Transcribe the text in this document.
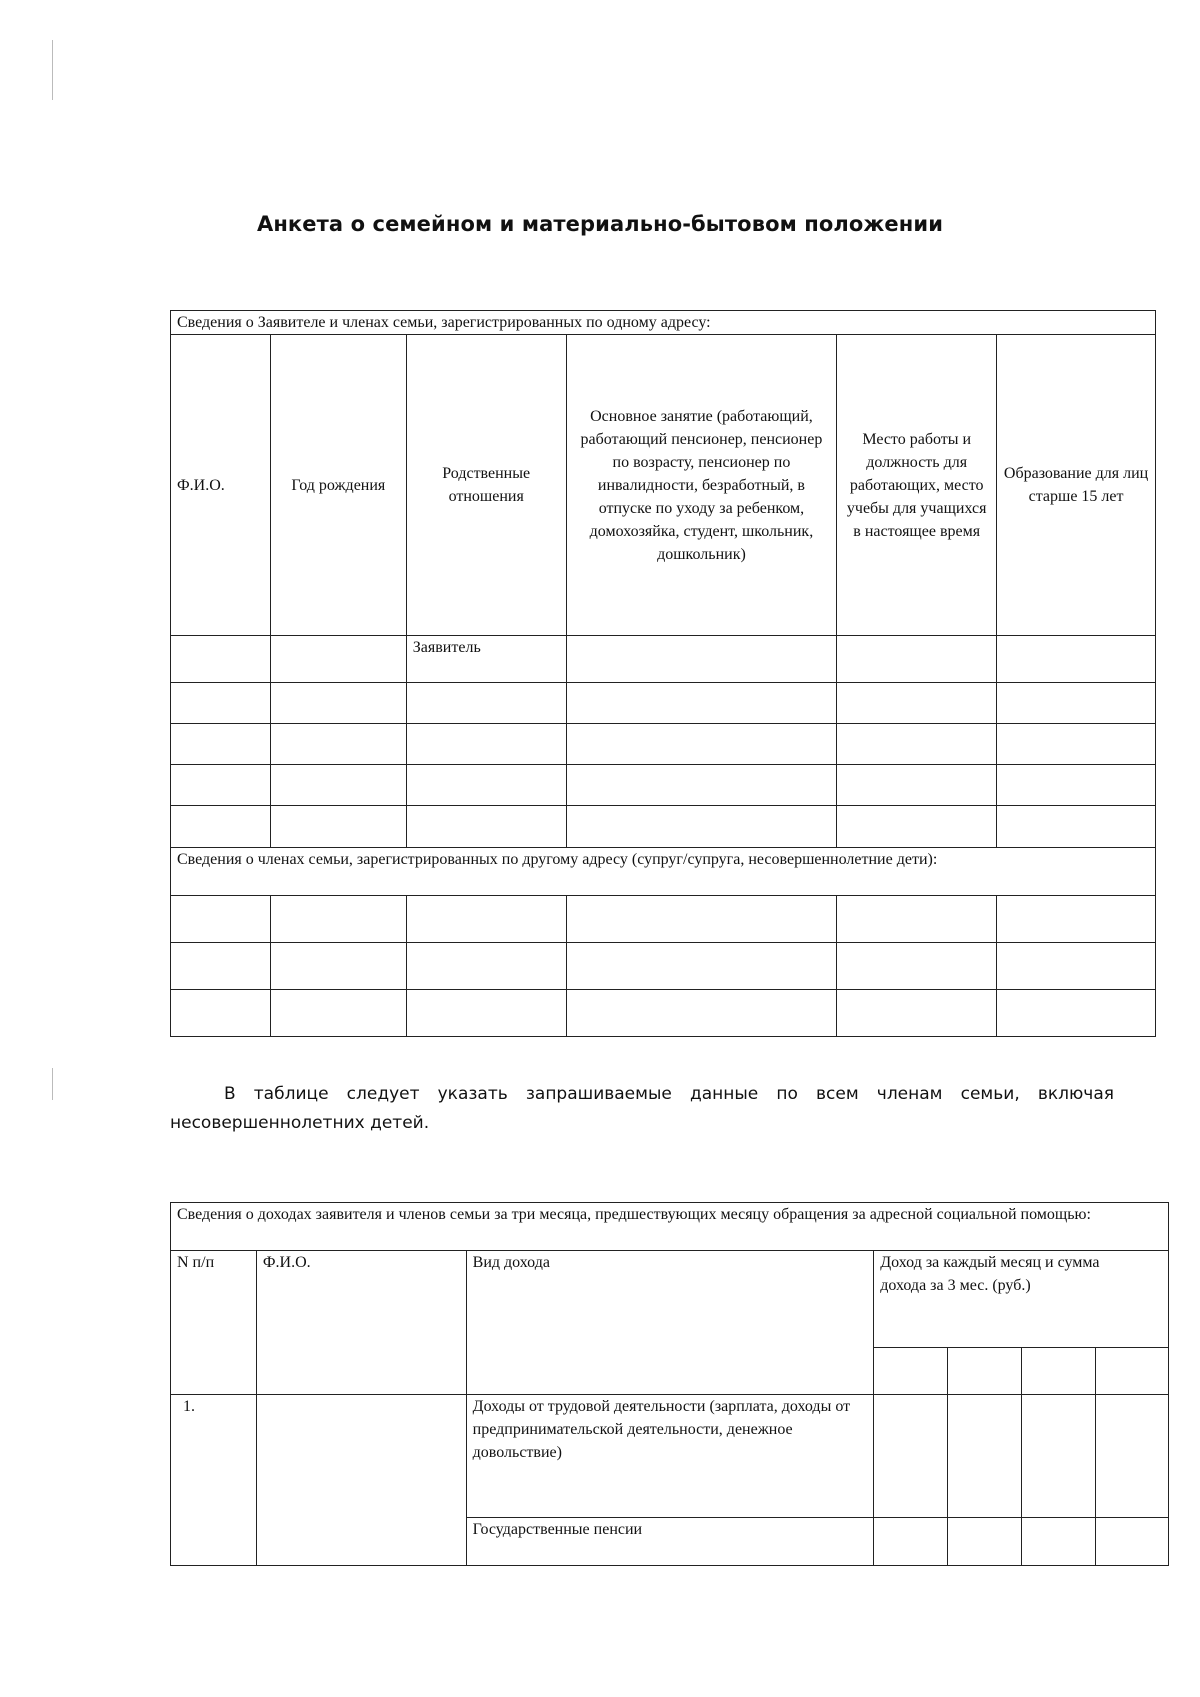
Анкета о семейном и материально-бытовом положении
Сведения о Заявителе и членах семьи, зарегистрированных по одному адресу:					
Ф.И.О.	Год рождения	Родственные отношения	Основное занятие (работающий, работающий пенсионер, пенсионер по возрасту, пенсионер по инвалидности, безработный, в отпуске по уходу за ребенком, домохозяйка, студент, школьник, дошкольник)	Место работы и должность для работающих, место учебы для учащихся в настоящее время	Образование для лиц старше 15 лет
		Заявитель			

Сведения о членах семьи, зарегистрированных по другому адресу (супруг/супруга, несовершеннолетние дети):					

В таблице следует указать запрашиваемые данные по всем членам семьи, включая несовершеннолетних детей.
Сведения о доходах заявителя и членов семьи за три месяца, предшествующих месяцу обращения за адресной социальной помощью:						
N п/п	Ф.И.О.	Вид дохода	Доход за каждый месяц и сумма дохода за 3 мес. (руб.)			

1.		Доходы от трудовой деятельности (зарплата, доходы от предпринимательской деятельности, денежное довольствие)				
		Государственные пенсии				
